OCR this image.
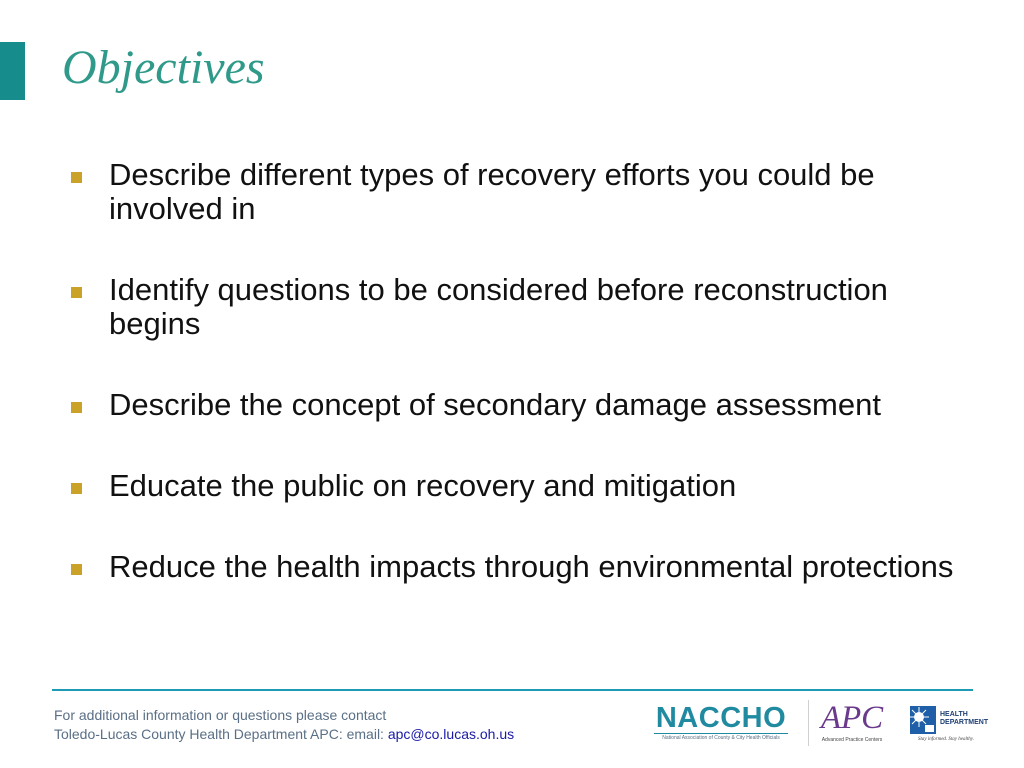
Objectives
Describe different types of recovery efforts you could be involved in
Identify questions to be considered before reconstruction begins
Describe the concept of secondary damage assessment
Educate the public on recovery and mitigation
Reduce the health impacts through environmental protections
For additional information or questions please contact
Toledo-Lucas County Health Department APC: email: apc@co.lucas.oh.us	NACCHO
National Association of County & City Health Officials
APC
Advanced Practice Centers
HEALTH
DEPARTMENT
Stay informed. Stay healthy.
